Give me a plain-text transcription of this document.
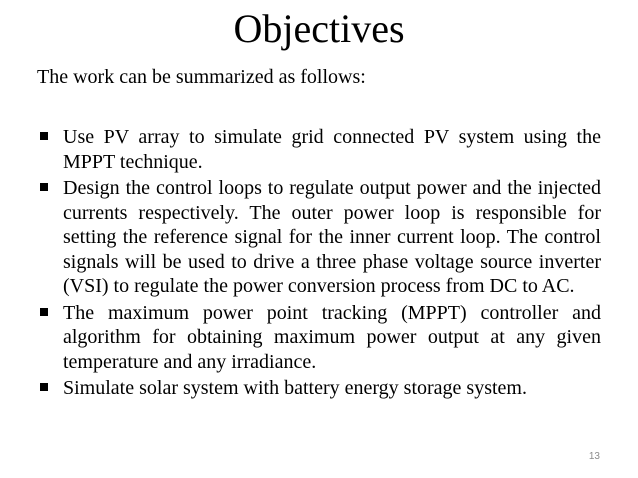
Objectives
The work can be summarized as follows:
Use PV array to simulate grid connected PV system using the MPPT technique.
Design the control loops to regulate output power and the injected currents respectively. The outer power loop is responsible for setting the reference signal for the inner current loop. The control signals will be used to drive a three phase voltage source inverter (VSI) to regulate the power conversion process from DC to AC.
The maximum power point tracking (MPPT) controller and algorithm for obtaining maximum power output at any given temperature and any irradiance.
Simulate solar system with battery energy storage system.
13
